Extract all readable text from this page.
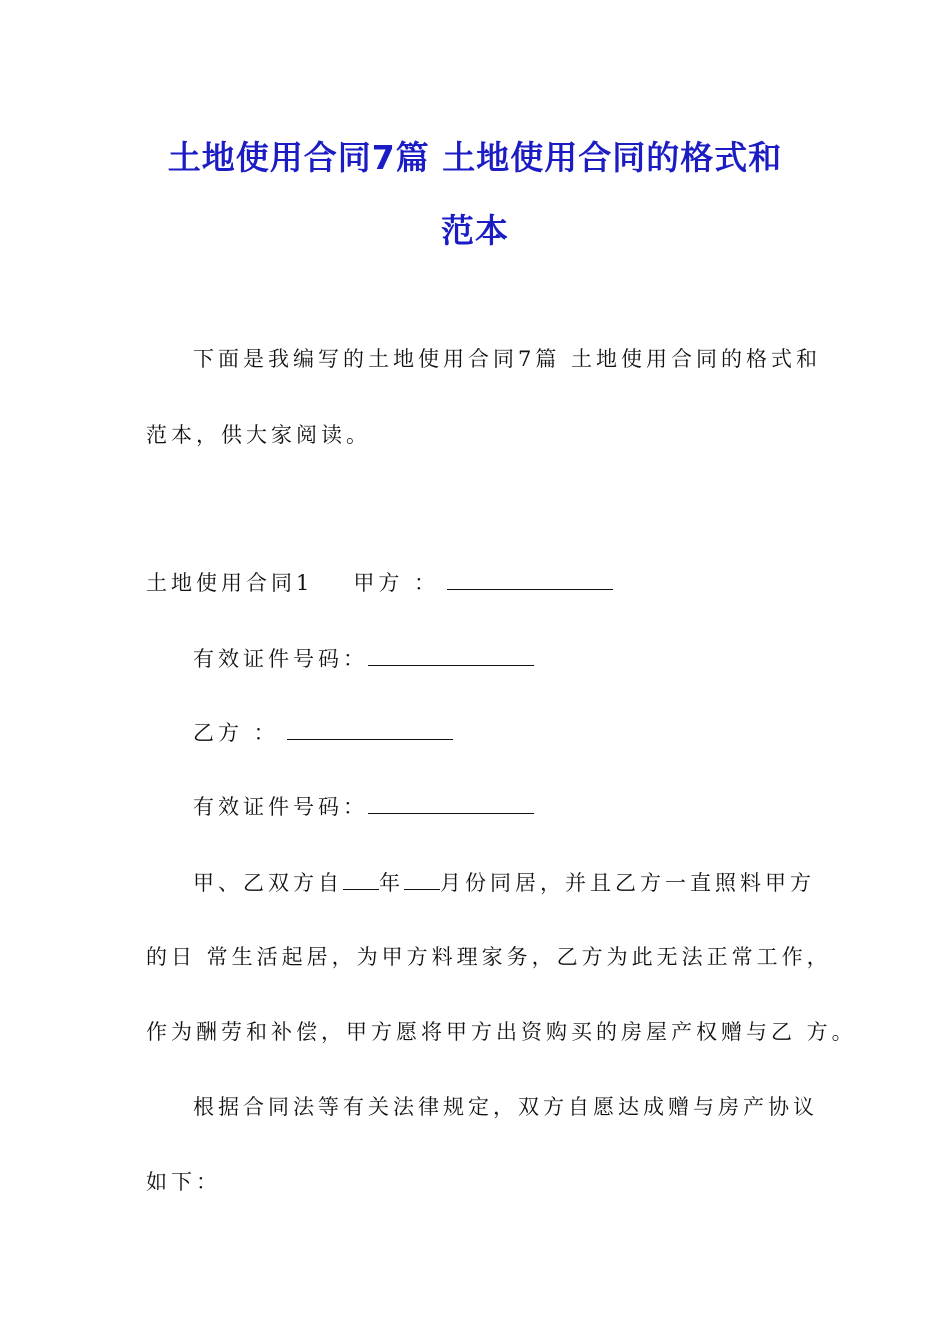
土地使用合同7篇 土地使用合同的格式和
范本
下面是我编写的土地使用合同7篇 土地使用合同的格式和
范本，供大家阅读。
土地使用合同1 甲方 ：
有效证件号码：
乙方 ：
有效证件号码：
甲、乙双方自 年 月份同居，并且乙方一直照料甲方
的日 常生活起居，为甲方料理家务，乙方为此无法正常工作，
作为酬劳和补偿，甲方愿将甲方出资购买的房屋产权赠与乙 方。
根据合同法等有关法律规定，双方自愿达成赠与房产协议
如下：
